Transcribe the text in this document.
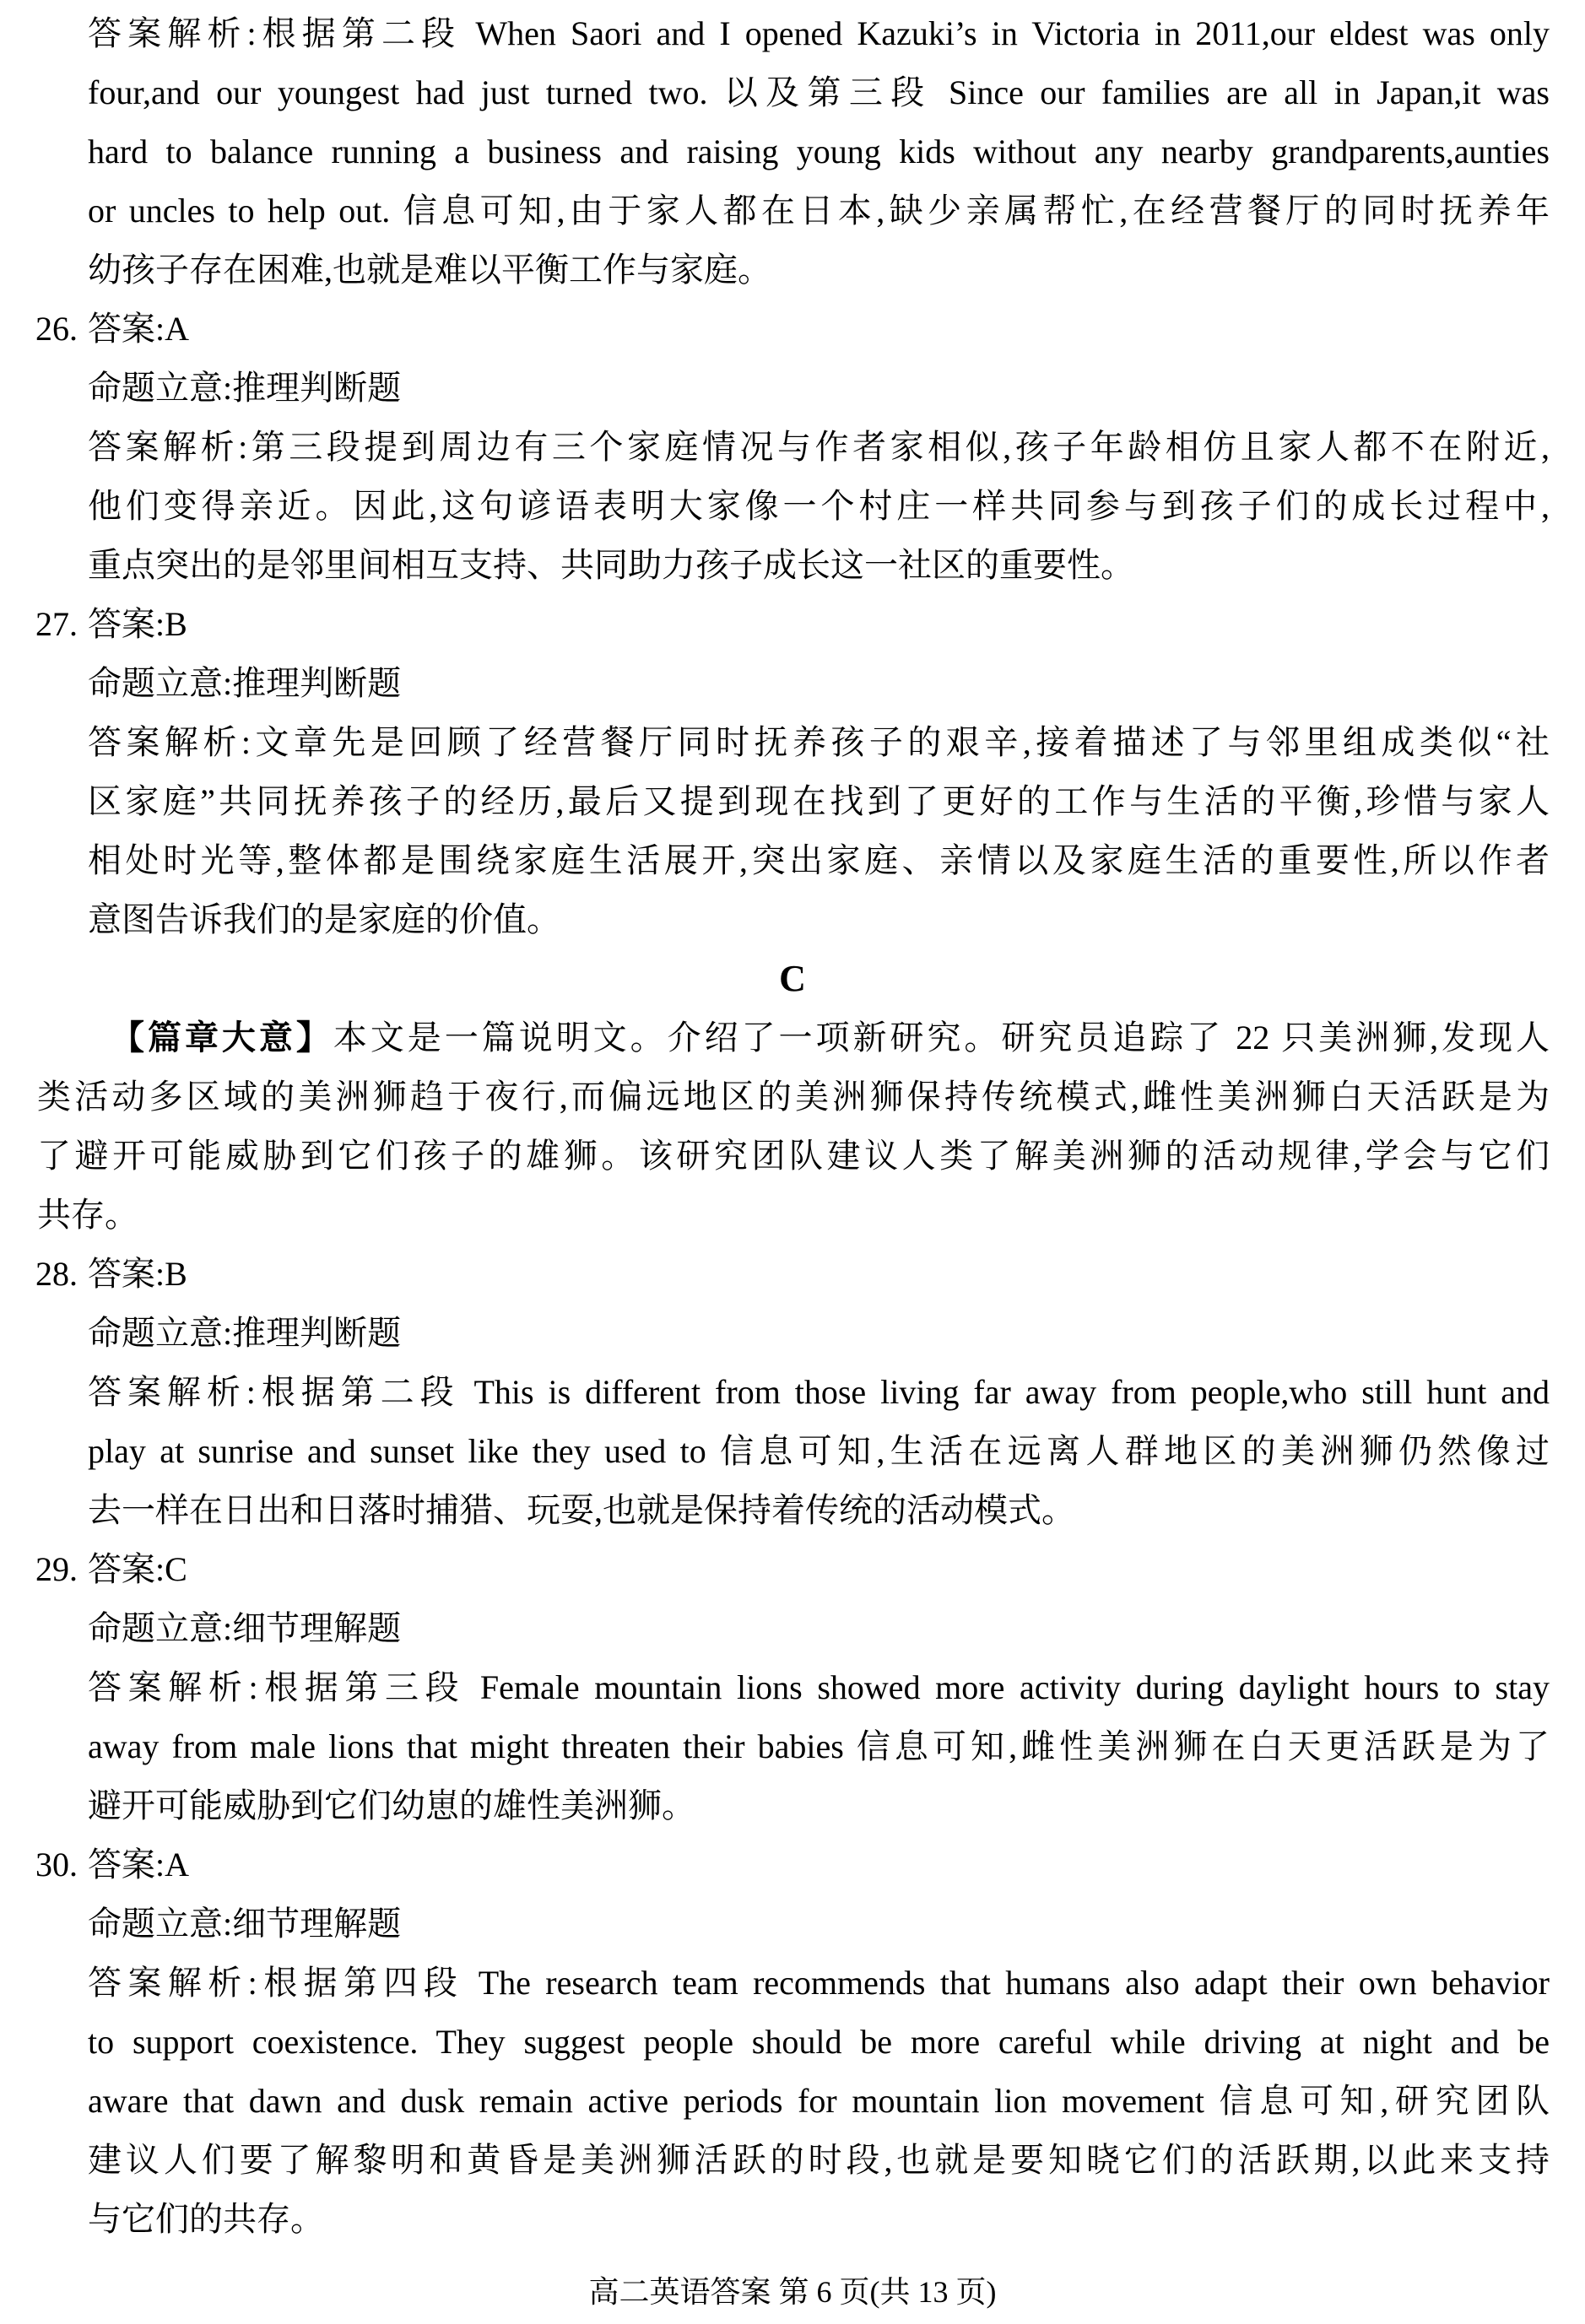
答案解析:根据第二段 When Saori and I opened Kazuki’s in Victoria in 2011,our eldest was only
four,and our youngest had just turned two. 以及第三段 Since our families are all in Japan,it was
hard to balance running a business and raising young kids without any nearby grandparents,aunties
or uncles to help out. 信息可知,由于家人都在日本,缺少亲属帮忙,在经营餐厅的同时抚养年
幼孩子存在困难,也就是难以平衡工作与家庭。
26. 答案:A
命题立意:推理判断题
答案解析:第三段提到周边有三个家庭情况与作者家相似,孩子年龄相仿且家人都不在附近,
他们变得亲近。因此,这句谚语表明大家像一个村庄一样共同参与到孩子们的成长过程中,
重点突出的是邻里间相互支持、共同助力孩子成长这一社区的重要性。
27. 答案:B
命题立意:推理判断题
答案解析:文章先是回顾了经营餐厅同时抚养孩子的艰辛,接着描述了与邻里组成类似“社
区家庭”共同抚养孩子的经历,最后又提到现在找到了更好的工作与生活的平衡,珍惜与家人
相处时光等,整体都是围绕家庭生活展开,突出家庭、亲情以及家庭生活的重要性,所以作者
意图告诉我们的是家庭的价值。
C
【篇章大意】本文是一篇说明文。介绍了一项新研究。研究员追踪了 22 只美洲狮,发现人
类活动多区域的美洲狮趋于夜行,而偏远地区的美洲狮保持传统模式,雌性美洲狮白天活跃是为
了避开可能威胁到它们孩子的雄狮。该研究团队建议人类了解美洲狮的活动规律,学会与它们
共存。
28. 答案:B
命题立意:推理判断题
答案解析:根据第二段 This is different from those living far away from people,who still hunt and
play at sunrise and sunset like they used to 信息可知,生活在远离人群地区的美洲狮仍然像过
去一样在日出和日落时捕猎、玩耍,也就是保持着传统的活动模式。
29. 答案:C
命题立意:细节理解题
答案解析:根据第三段 Female mountain lions showed more activity during daylight hours to stay
away from male lions that might threaten their babies 信息可知,雌性美洲狮在白天更活跃是为了
避开可能威胁到它们幼崽的雄性美洲狮。
30. 答案:A
命题立意:细节理解题
答案解析:根据第四段 The research team recommends that humans also adapt their own behavior
to support coexistence. They suggest people should be more careful while driving at night and be
aware that dawn and dusk remain active periods for mountain lion movement 信息可知,研究团队
建议人们要了解黎明和黄昏是美洲狮活跃的时段,也就是要知晓它们的活跃期,以此来支持
与它们的共存。
高二英语答案 第 6 页(共 13 页)
